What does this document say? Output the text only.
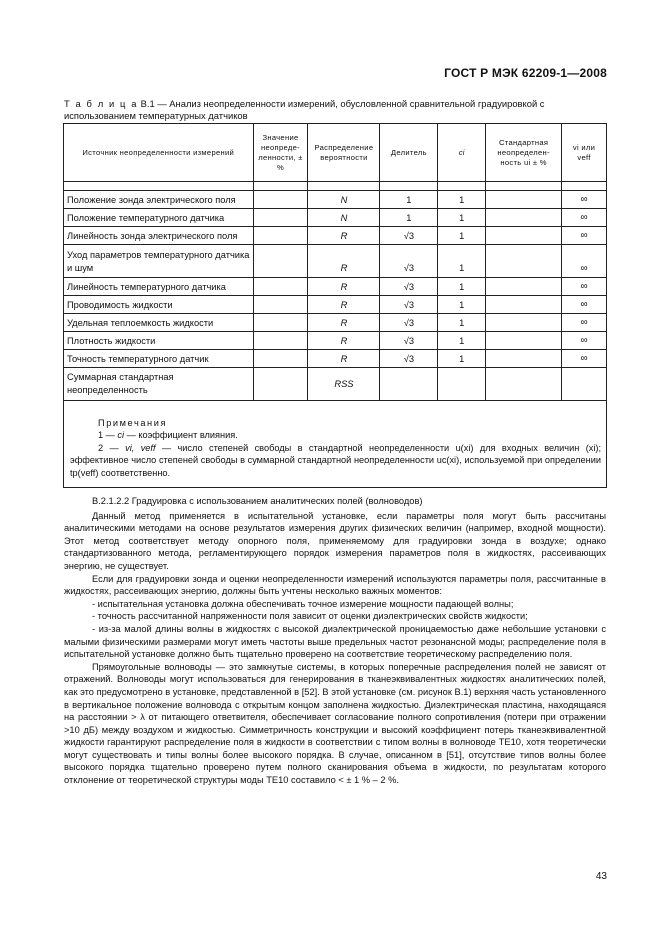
ГОСТ Р МЭК 62209-1—2008
Т а б л и ц а В.1 — Анализ неопределенности измерений, обусловленной сравнительной градуировкой с использованием температурных датчиков
Источник неопределенности измерений	Значение неопреде-ленности, ± %	Распределение вероятности	Делитель	ci	Стандартная неопределен-ность ui ± %	vi или veff

Положение зонда электрического поля		N	1	1		∞
Положение температурного датчика		N	1	1		∞
Линейность зонда электрического поля		R	√3	1		∞
Уход параметров температурного датчика и шум		R	√3	1		∞
Линейность температурного датчика		R	√3	1		∞
Проводимость жидкости		R	√3	1		∞
Удельная теплоемкость жидкости		R	√3	1		∞
Плотность жидкости		R	√3	1		∞
Точность температурного датчик		R	√3	1		∞
Суммарная стандартная неопределенность		RSS				

Примечания
1 — ci — коэффициент влияния.
2 — vi, veff — число степеней свободы в стандартной неопределенности u(xi) для входных величин (xi); эффективное число степеней свободы в суммарной стандартной неопределенности uc(xi), используемой при определении tp(veff) соответственно.						

В.2.1.2.2 Градуировка с использованием аналитических полей (волноводов)

Данный метод применяется в испытательной установке, если параметры поля могут быть рассчитаны аналитическими методами на основе результатов измерения других физических величин (например, входной мощности). Этот метод соответствует методу опорного поля, применяемому для градуировки зонда в воздухе; однако стандартизованного метода, регламентирующего порядок измерения параметров поля в жидкостях, рассеивающих энергию, не существует.

Если для градуировки зонда и оценки неопределенности измерений используются параметры поля, рассчитанные в жидкостях, рассеивающих энергию, должны быть учтены несколько важных моментов:

- испытательная установка должна обеспечивать точное измерение мощности падающей волны;

- точность рассчитанной напряженности поля зависит от оценки диэлектрических свойств жидкости;

- из-за малой длины волны в жидкостях с высокой диэлектрической проницаемостью даже небольшие установки с малыми физическими размерами могут иметь частоты выше предельных частот резонансной моды; распределение поля в испытательной установке должно быть тщательно проверено на соответствие теоретическому распределению поля.

Прямоугольные волноводы — это замкнутые системы, в которых поперечные распределения полей не зависят от отражений. Волноводы могут использоваться для генерирования в тканеэквивалентных жидкостях аналитических полей, как это предусмотрено в установке, представленной в [52]. В этой установке (см. рисунок В.1) верхняя часть установленного в вертикальное положение волновода с открытым концом заполнена жидкостью. Диэлектрическая пластина, находящаяся на расстоянии > λ от питающего ответвителя, обеспечивает согласование полного сопротивления (потери при отражении >10 дБ) между воздухом и жидкостью. Симметричность конструкции и высокий коэффициент потерь тканеэквивалентной жидкости гарантируют распределение поля в жидкости в соответствии с типом волны в волноводе TE10, хотя теоретически могут существовать и типы волны более высокого порядка. В случае, описанном в [51], отсутствие типов волны более высокого порядка тщательно проверено путем полного сканирования объема в жидкости, по результатам которого отклонение от теоретической структуры моды TE10 составило < ± 1 % – 2 %.

43
